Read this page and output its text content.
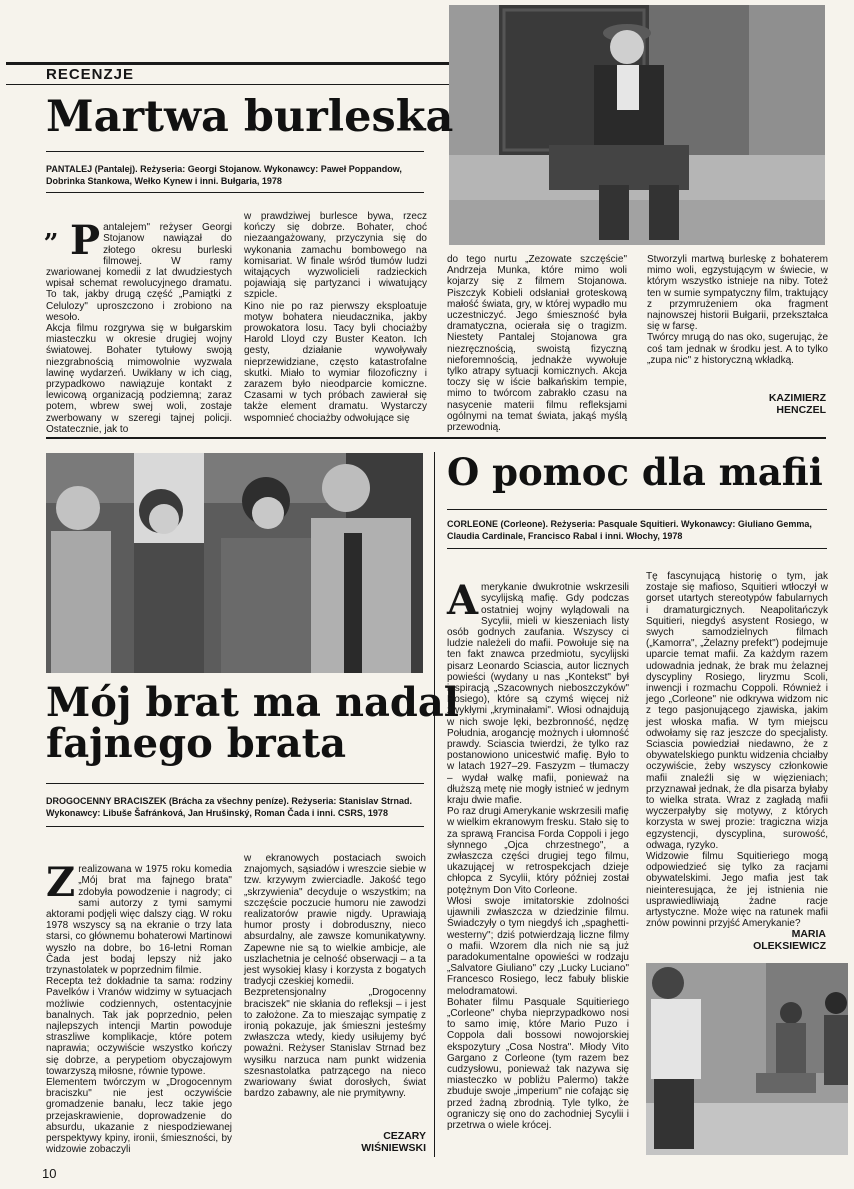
RECENZJE
Martwa burleska
PANTALEJ (Pantalej). Reżyseria: Georgi Stojanow. Wykonawcy: Paweł Poppandow, Dobrinka Stankowa, Wełko Kynew i inni. Bułgaria, 1978
„ Pantalejem" reżyser Georgi Stojanow nawiązał do złotego okresu burleski filmowej. W ramy zwariowanej komedii z lat dwudziestych wpisał schemat rewolucyjnego dramatu. To tak, jakby drugą część „Pamiątki z Celulozy" uproszczono i zrobiono na wesoło.
Akcja filmu rozgrywa się w bułgarskim miasteczku w okresie drugiej wojny światowej. Bohater tytułowy swoją niezgrabnością mimowolnie wyzwala lawinę wydarzeń. Uwikłany w ich ciąg, przypadkowo nawiązuje kontakt z lewicową organizacją podziemną; zaraz potem, wbrew swej woli, zostaje zwerbowany w szeregi tajnej policji. Ostatecznie, jak to

w prawdziwej burlesce bywa, rzecz kończy się dobrze. Bohater, choć niezaangażowany, przyczynia się do wykonania zamachu bombowego na komisariat. W finale wśród tłumów ludzi witających wyzwolicieli radzieckich pojawiają się partyzanci i wiwatujący szpicle.
Kino nie po raz pierwszy eksploatuje motyw bohatera nieudacznika, jakby prowokatora losu. Tacy byli chociażby Harold Lloyd czy Buster Keaton. Ich gesty, działanie wywoływały nieprzewidziane, często katastrofalne skutki. Miało to wymiar filozoficzny i zarazem było nieodparcie komiczne. Czasami w tych próbach zawierał się także element dramatu. Wystarczy wspomnieć chociażby odwołujące się
do tego nurtu „Zezowate szczęście" Andrzeja Munka, które mimo woli kojarzy się z filmem Stojanowa. Piszczyk Kobieli odsłaniał groteskową małość świata, gry, w której wypadło mu uczestniczyć. Jego śmieszność była dramatyczna, ocierała się o tragizm. Niestety Pantalej Stojanowa gra niezręcznością, swoistą fizyczną nieforemnością, jednakże wywołuje tylko atrapy sytuacji komicznych. Akcja toczy się w iście bałkańskim tempie, mimo to twórcom zabrakło czasu na nasycenie materii filmu refleksjami ogólnymi na temat świata, jakąś myślą przewodnią.
Stworzyli martwą burleskę z bohaterem mimo woli, egzystującym w świecie, w którym wszystko istnieje na niby. Toteż ten w sumie sympatyczny film, traktujący z przymrużeniem oka fragment najnowszej historii Bułgarii, przekształca się w farsę.
Twórcy mrugą do nas oko, sugerując, że coś tam jednak w środku jest. A to tylko „zupa nic" z historyczną wkładką.
KAZIMIERZ
HENCZEL
Mój brat ma nadal
fajnego brata
DROGOCENNY BRACISZEK (Brácha za všechny peníze). Reżyseria: Stanislav Strnad. Wykonawcy: Libuše Šafránková, Jan Hrušinský, Roman Čada i inni. CSRS, 1978

Zrealizowana w 1975 roku komedia „Mój brat ma fajnego brata" zdobyła powodzenie i nagrody; ci sami autorzy z tymi samymi aktorami podjęli więc dalszy ciąg. W roku 1978 wszyscy są na ekranie o trzy lata starsi, co głównemu bohaterowi Martinowi wyszło na dobre, bo 16-letni Roman Čada jest bodaj lepszy niż jako trzynastolatek w poprzednim filmie.
Recepta też dokładnie ta sama: rodziny Pavelków i Vranów widzimy w sytuacjach możliwie codziennych, ostentacyjnie banalnych. Tak jak poprzednio, pełen najlepszych intencji Martin powoduje straszliwe komplikacje, które potem naprawia; oczywiście wszystko kończy się dobrze, a perypetiom obyczajowym towarzyszą miłosne, równie typowe.
Elementem twórczym w „Drogocennym braciszku" nie jest oczywiście gromadzenie banału, lecz takie jego przejaskrawienie, doprowadzenie do absurdu, ukazanie z niespodziewanej perspektywy kpiny, ironii, śmieszności, by widzowie zobaczyli

w ekranowych postaciach swoich znajomych, sąsiadów i wreszcie siebie w tzw. krzywym zwierciadle. Jakość tego „skrzywienia" decyduje o wszystkim; na szczęście poczucie humoru nie zawodzi realizatorów prawie nigdy. Uprawiają humor prosty i dobroduszny, nieco absurdalny, ale zawsze komunikatywny. Zapewne nie są to wielkie ambicje, ale uszlachetnia je celność obserwacji – a ta jest wysokiej klasy i korzysta z bogatych tradycji czeskiej komedii.
Bezpretensjonalny „Drogocenny braciszek" nie skłania do refleksji – i jest to założone. Za to mieszając sympatię z ironią pokazuje, jak śmieszni jesteśmy zwłaszcza wtedy, kiedy usiłujemy być poważni. Reżyser Stanislav Strnad bez wysiłku narzuca nam punkt widzenia szesnastolatka patrzącego na nieco zwariowany świat dorosłych, świat bardzo zabawny, ale nie prymitywny.
CEZARY
WIŚNIEWSKI
O pomoc dla mafii
CORLEONE (Corleone). Reżyseria: Pasquale Squitieri. Wykonawcy: Giuliano Gemma, Claudia Cardinale, Francisco Rabal i inni. Włochy, 1978

Amerykanie dwukrotnie wskrzesili sycylijską mafię. Gdy podczas ostatniej wojny wylądowali na Sycylii, mieli w kieszeniach listy osób godnych zaufania. Wszyscy ci ludzie należeli do mafii. Powołuje się na ten fakt znawca przedmiotu, sycylijski pisarz Leonardo Sciascia, autor licznych powieści (wydany u nas „Kontekst" był inspiracją „Szacownych nieboszczyków" Rosiego), które są czymś więcej niż zwykłymi „kryminałami". Włosi odnajdują w nich swoje lęki, bezbronność, nędzę Południa, arogancję możnych i ułomność prawdy. Sciascia twierdzi, że tylko raz postanowiono unicestwić mafię. Było to w latach 1927–29. Faszyzm – tłumaczy – wydał walkę mafii, ponieważ na dłuższą metę nie mogły istnieć w jednym kraju dwie mafie.
Po raz drugi Amerykanie wskrzesili mafię w wielkim ekranowym fresku. Stało się to za sprawą Francisa Forda Coppoli i jego słynnego „Ojca chrzestnego", a zwłaszcza części drugiej tego filmu, ukazującej w retrospekcjach dzieje chłopca z Sycylii, który później został potężnym Don Vito Corleone.
Włosi swoje imitatorskie zdolności ujawnili zwłaszcza w dziedzinie filmu. Świadczyły o tym niegdyś ich „spaghetti-westerny"; dziś potwierdzają liczne filmy o mafii. Wzorem dla nich nie są już paradokumentalne opowieści w rodzaju „Salvatore Giuliano" czy „Lucky Luciano" Francesco Rosiego, lecz fabuły bliskie melodramatowi.
Bohater filmu Pasquale Squitieriego „Corleone" chyba nieprzypadkowo nosi to samo imię, które Mario Puzo i Coppola dali bossowi nowojorskiej ekspozytury „Cosa Nostra". Młody Vito Gargano z Corleone (tym razem bez cudzysłowu, ponieważ tak nazywa się miasteczko w pobliżu Palermo) także zbuduje swoje „imperium" nie cofając się przed żadną zbrodnią. Tyle tylko, że ograniczy się ono do zachodniej Sycylii i przetrwa o wiele krócej.

Tę fascynującą historię o tym, jak zostaje się mafioso, Squitieri wtłoczył w gorset utartych stereotypów fabularnych i dramaturgicznych. Neapolitańczyk Squitieri, niegdyś asystent Rosiego, w swych samodzielnych filmach („Kamorra", „Żelazny prefekt") podejmuje uparcie temat mafii. Za każdym razem udowadnia jednak, że brak mu żelaznej dyscypliny Rosiego, liryzmu Scoli, inwencji i rozmachu Coppoli. Również i jego „Corleone" nie odkrywa widzom nic z tego pasjonującego zjawiska, jakim jest włoska mafia. W tym miejscu odwołamy się raz jeszcze do specjalisty. Sciascia powiedział niedawno, że z obywatelskiego punktu widzenia chciałby oczywiście, żeby wszyscy członkowie mafii znaleźli się w więzieniach; przyznawał jednak, że dla pisarza byłaby to wielka strata. Wraz z zagładą mafii wyczerpałyby się motywy, z których korzysta w swej prozie: tragiczna wizja egzystencji, dyscyplina, surowość, odwaga, ryzyko.
Widzowie filmu Squitieriego mogą odpowiedzieć się tylko za racjami obywatelskimi. Jego mafia jest tak nieinteresująca, że jej istnienia nie usprawiedliwiają żadne racje artystyczne. Może więc na ratunek mafii znów powinni przyjść Amerykanie?
MARIA
OLEKSIEWICZ
10
